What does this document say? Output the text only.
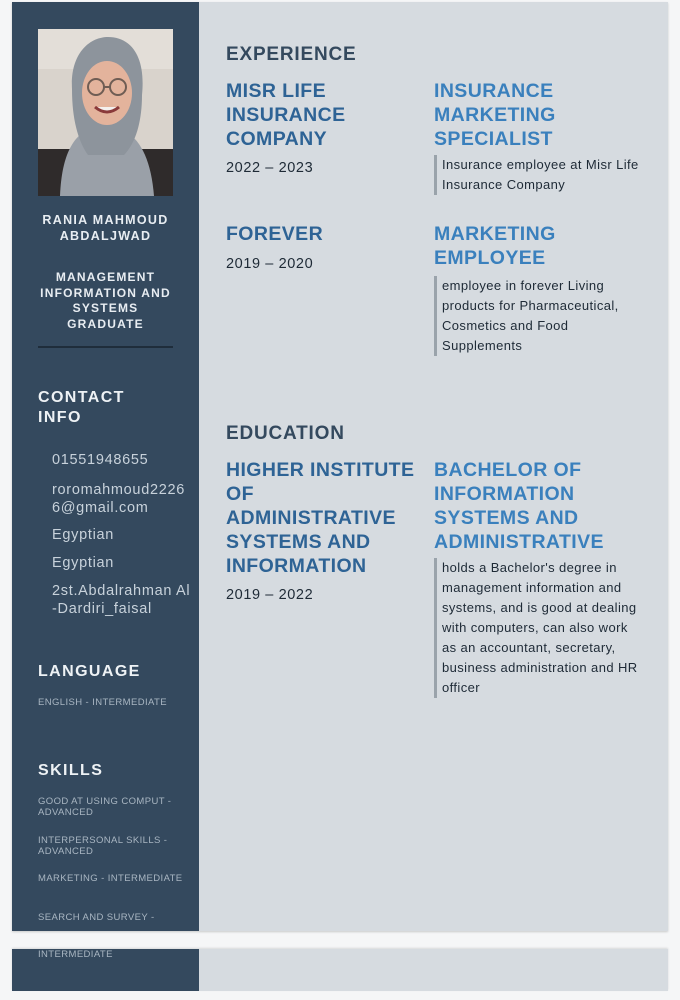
RANIA MAHMOUD ABDALJWAD
MANAGEMENT INFORMATION AND SYSTEMS GRADUATE
CONTACT INFO
01551948655
roromahmoud22266@gmail.com
Egyptian
Egyptian
2st.Abdalrahman Al-Dardiri_faisal
LANGUAGE
ENGLISH - INTERMEDIATE
SKILLS
GOOD AT USING COMPUT - ADVANCED
INTERPERSONAL SKILLS - ADVANCED
MARKETING - INTERMEDIATE
SEARCH AND SURVEY -
EXPERIENCE
MISR LIFE INSURANCE COMPANY
2022 – 2023
INSURANCE MARKETING SPECIALIST
Insurance employee at Misr Life Insurance Company
FOREVER
2019 – 2020
MARKETING EMPLOYEE
employee in forever Living products for Pharmaceutical, Cosmetics and Food Supplements
EDUCATION
HIGHER INSTITUTE OF ADMINISTRATIVE SYSTEMS AND INFORMATION
2019 – 2022
BACHELOR OF INFORMATION SYSTEMS AND ADMINISTRATIVE
holds a Bachelor's degree in management information and systems, and is good at dealing with computers, can also work as an accountant, secretary, business administration and HR officer
INTERMEDIATE
